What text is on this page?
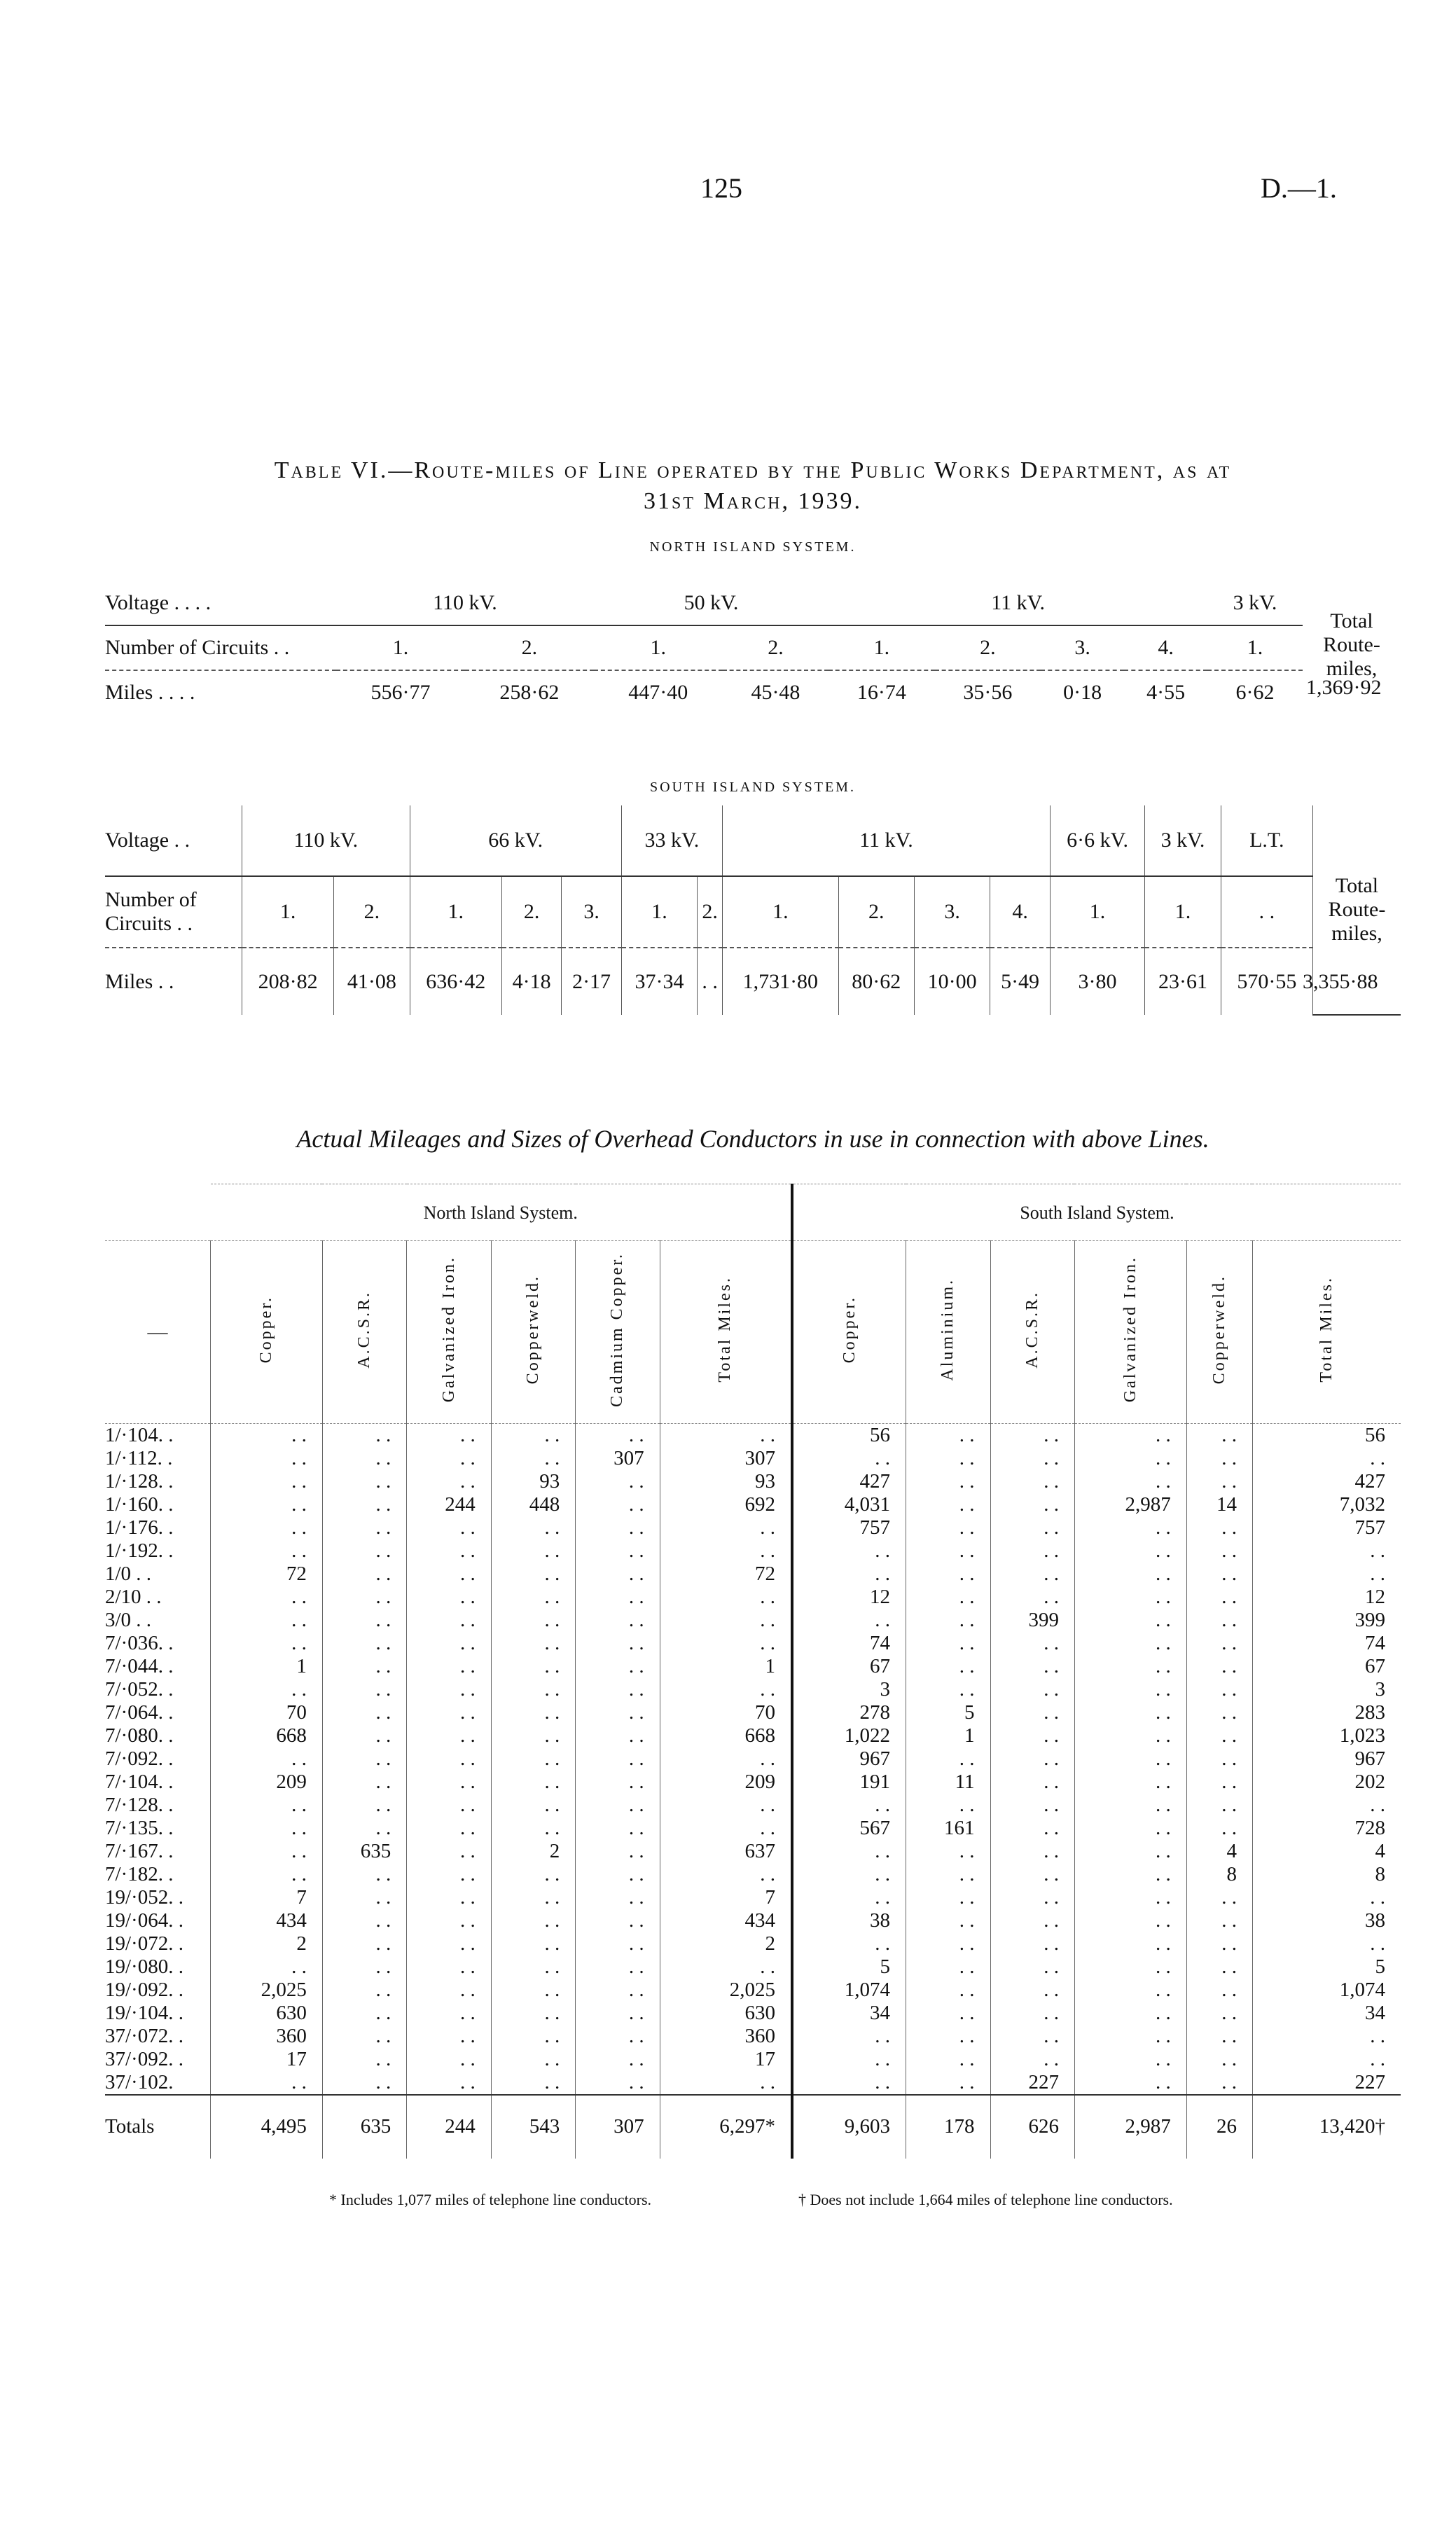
125	D.—1.
Table VI.—Route-miles of Line operated by the Public Works Department, as at
31st March, 1939.
NORTH ISLAND SYSTEM.
Voltage . . . .	110 kV.		50 kV.		11 kV.				3 kV.	Total Route-miles,
Number of Circuits . .	1.	2.	1.	2.	1.	2.	3.	4.	1.	
Miles . . . .	556·77	258·62	447·40	45·48	16·74	35·56	0·18	4·55	6·62	1,369·92
SOUTH ISLAND SYSTEM.
Voltage . .	110 kV.		66 kV.			33 kV.		11 kV.				6·6 kV.	3 kV.	L.T.	Total Route-miles,
Number of Circuits . .	1.	2.	1.	2.	3.	1.	2.	1.	2.	3.	4.	1.	1.	. .	
Miles . .	208·82	41·08	636·42	4·18	2·17	37·34	. .	1,731·80	80·62	10·00	5·49	3·80	23·61	570·55	3,355·88
Actual Mileages and Sizes of Overhead Conductors in use in connection with above Lines.
	North Island System.						South Island System.					
—	Copper.	A.C.S.R.	Galvanized Iron.	Copperweld.	Cadmium Copper.	Total Miles.	Copper.	Aluminium.	A.C.S.R.	Galvanized Iron.	Copperweld.	Total Miles.

1/·104. .	. .	. .	. .	. .	. .	. .	56	. .	. .	. .	. .	56
1/·112. .	. .	. .	. .	. .	307	307	. .	. .	. .	. .	. .	. .
1/·128. .	. .	. .	. .	93	. .	93	427	. .	. .	. .	. .	427
1/·160. .	. .	. .	244	448	. .	692	4,031	. .	. .	2,987	14	7,032
1/·176. .	. .	. .	. .	. .	. .	. .	757	. .	. .	. .	. .	757
1/·192. .	. .	. .	. .	. .	. .	. .	. .	. .	. .	. .	. .	. .
1/0 . .	72	. .	. .	. .	. .	72	. .	. .	. .	. .	. .	. .
2/10 . .	. .	. .	. .	. .	. .	. .	12	. .	. .	. .	. .	12
3/0 . .	. .	. .	. .	. .	. .	. .	. .	. .	399	. .	. .	399
7/·036. .	. .	. .	. .	. .	. .	. .	74	. .	. .	. .	. .	74
7/·044. .	1	. .	. .	. .	. .	1	67	. .	. .	. .	. .	67
7/·052. .	. .	. .	. .	. .	. .	. .	3	. .	. .	. .	. .	3
7/·064. .	70	. .	. .	. .	. .	70	278	5	. .	. .	. .	283
7/·080. .	668	. .	. .	. .	. .	668	1,022	1	. .	. .	. .	1,023
7/·092. .	. .	. .	. .	. .	. .	. .	967	. .	. .	. .	. .	967
7/·104. .	209	. .	. .	. .	. .	209	191	11	. .	. .	. .	202
7/·128. .	. .	. .	. .	. .	. .	. .	. .	. .	. .	. .	. .	. .
7/·135. .	. .	. .	. .	. .	. .	. .	567	161	. .	. .	. .	728
7/·167. .	. .	635	. .	2	. .	637	. .	. .	. .	. .	4	4
7/·182. .	. .	. .	. .	. .	. .	. .	. .	. .	. .	. .	8	8
19/·052. .	7	. .	. .	. .	. .	7	. .	. .	. .	. .	. .	. .
19/·064. .	434	. .	. .	. .	. .	434	38	. .	. .	. .	. .	38
19/·072. .	2	. .	. .	. .	. .	2	. .	. .	. .	. .	. .	. .
19/·080. .	. .	. .	. .	. .	. .	. .	5	. .	. .	. .	. .	5
19/·092. .	2,025	. .	. .	. .	. .	2,025	1,074	. .	. .	. .	. .	1,074
19/·104. .	630	. .	. .	. .	. .	630	34	. .	. .	. .	. .	34
37/·072. .	360	. .	. .	. .	. .	360	. .	. .	. .	. .	. .	. .
37/·092. .	17	. .	. .	. .	. .	17	. .	. .	. .	. .	. .	. .
37/·102.	. .	. .	. .	. .	. .	. .	. .	. .	227	. .	. .	227
Totals	4,495	635	244	543	307	6,297*	9,603	178	626	2,987	26	13,420†
* Includes 1,077 miles of telephone line conductors.	† Does not include 1,664 miles of telephone line conductors.
